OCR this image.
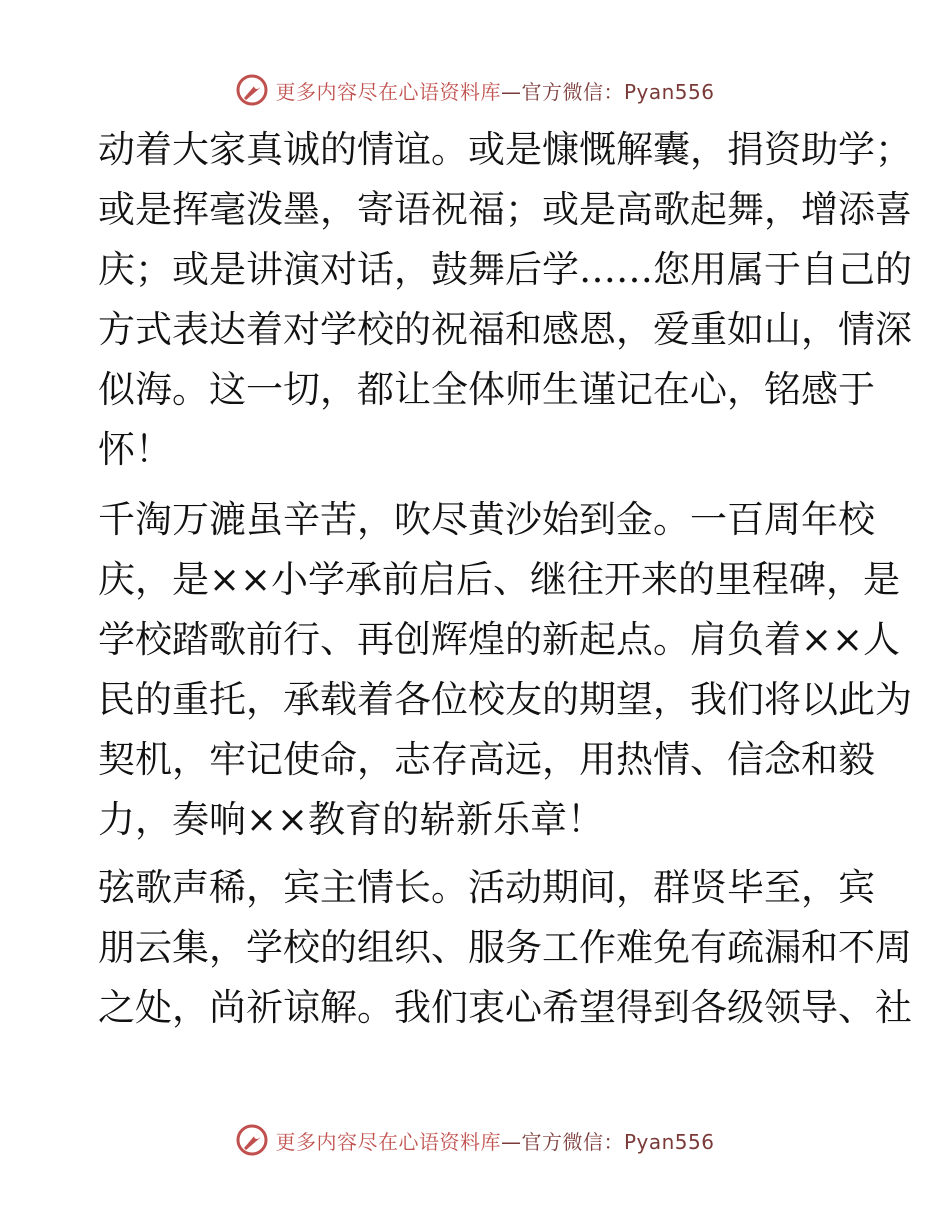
更多内容尽在心语资料库—官方微信：Pyan556
动着大家真诚的情谊。或是慷慨解囊，捐资助学；
或是挥毫泼墨，寄语祝福；或是高歌起舞，增添喜
庆；或是讲演对话，鼓舞后学……您用属于自己的
方式表达着对学校的祝福和感恩，爱重如山，情深
似海。这一切，都让全体师生谨记在心，铭感于
怀！
千淘万漉虽辛苦，吹尽黄沙始到金。一百周年校
庆，是××小学承前启后、继往开来的里程碑，是
学校踏歌前行、再创辉煌的新起点。肩负着××人
民的重托，承载着各位校友的期望，我们将以此为
契机，牢记使命，志存高远，用热情、信念和毅
力，奏响××教育的崭新乐章！
弦歌声稀，宾主情长。活动期间，群贤毕至，宾
朋云集，学校的组织、服务工作难免有疏漏和不周
之处，尚祈谅解。我们衷心希望得到各级领导、社
更多内容尽在心语资料库—官方微信：Pyan556
